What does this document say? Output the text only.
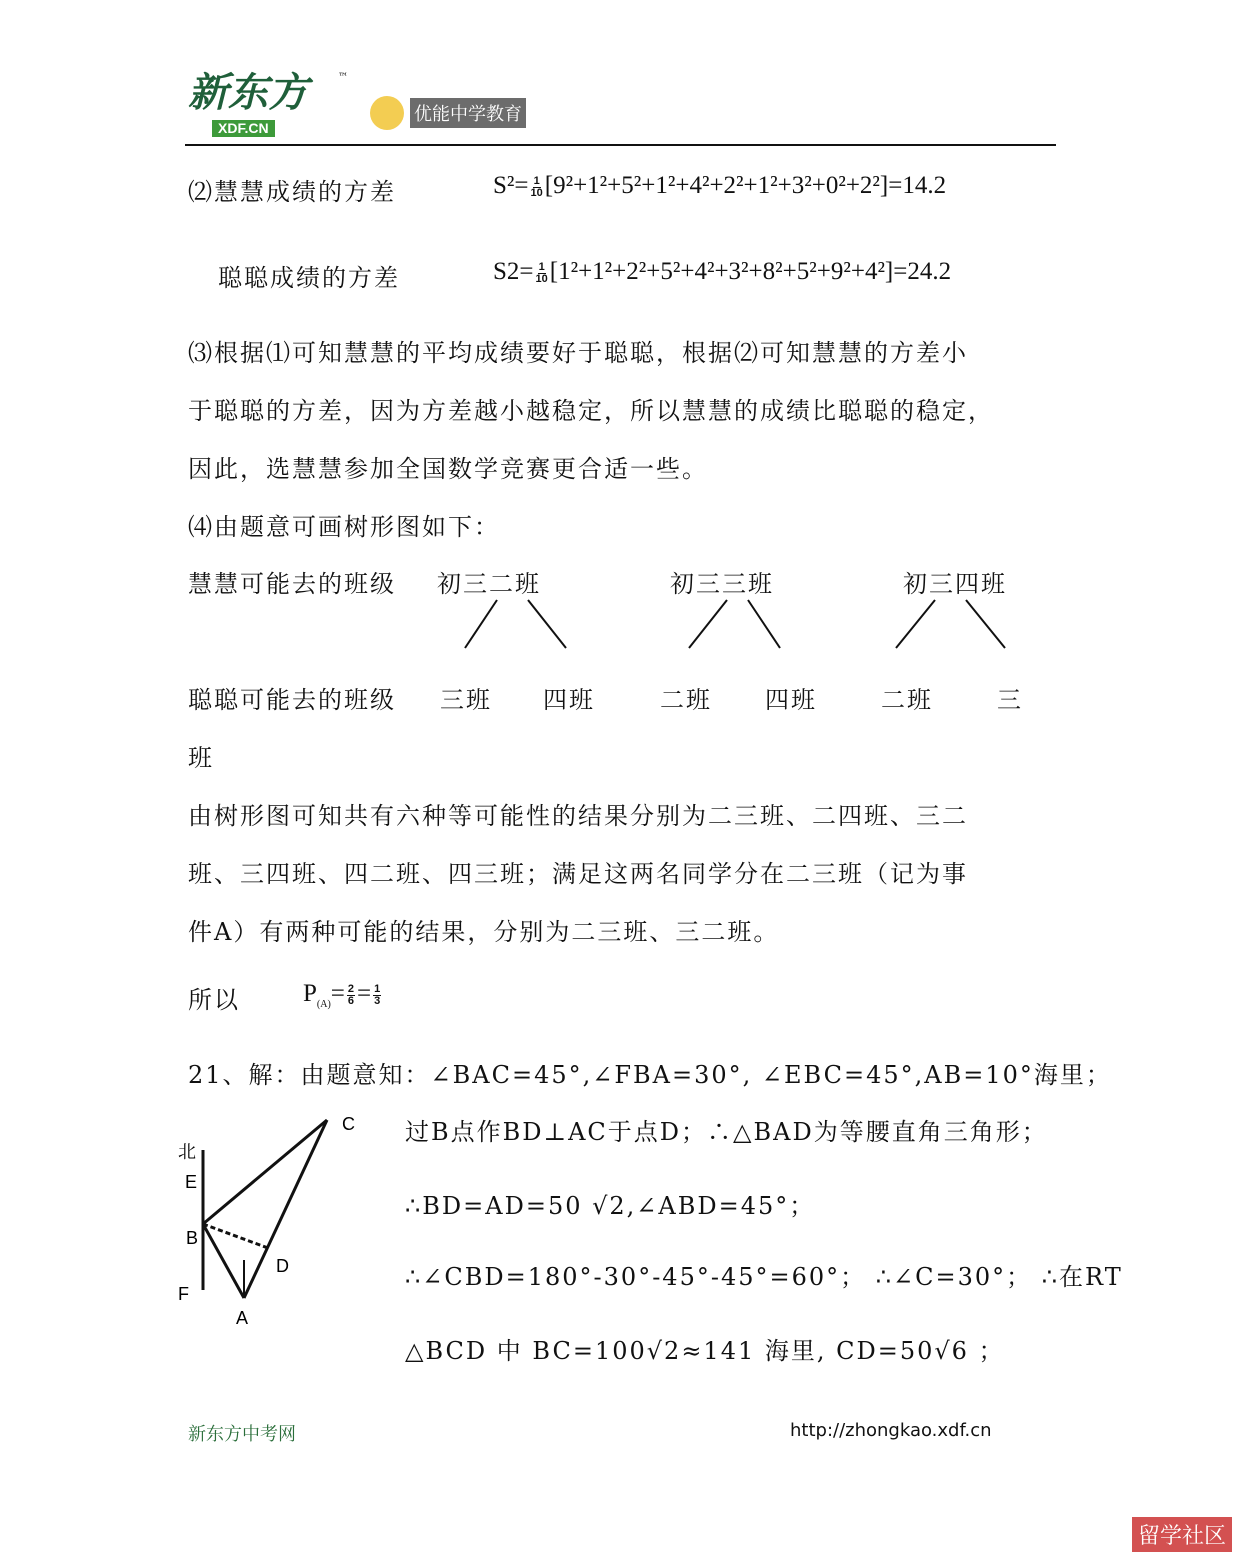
新东方
XDF.CN
™
优能中学教育
⑵慧慧成绩的方差	$S^2= \frac{1}{10} [9^2+1^2+5^2+1^2+4^2+2^2+1^2+3^2+0^2+2^2]=14.2$
聪聪成绩的方差	$S2= \frac{1}{10} [1^2+1^2+2^2+5^2+4^2+3^2+8^2+5^2+9^2+4^2]=24.2$
⑶根据⑴可知慧慧的平均成绩要好于聪聪，根据⑵可知慧慧的方差小
于聪聪的方差，因为方差越小越稳定，所以慧慧的成绩比聪聪的稳定，
因此，选慧慧参加全国数学竞赛更合适一些。
⑷由题意可画树形图如下：
慧慧可能去的班级 初三二班	初三三班	初三四班
聪聪可能去的班级 三班 四班	二班 四班	二班	三
班
由树形图可知共有六种等可能性的结果分别为二三班、二四班、三二
班、三四班、四二班、四三班；满足这两名同学分在二三班（记为事
件A）有两种可能的结果，分别为二三班、三二班。
所以	$P_{(A)}= \frac{2}{6} = \frac{1}{3}$
21、解：由题意知：∠BAC=45°,∠FBA=30°, ∠EBC=45°,AB=10°海里；
过B点作BD⊥AC于点D；∴△BAD为等腰直角三角形；
∴BD=AD=50 √2,∠ABD=45°；
∴∠CBD=180°-30°-45°-45°=60°； ∴∠C=30°； ∴在RT
△BCD 中 BC=100√2≈141 海里, CD=50√6 ；
北
E
B
F
A
C
D
新东方中考网	http://zhongkao.xdf.cn
留学社区
